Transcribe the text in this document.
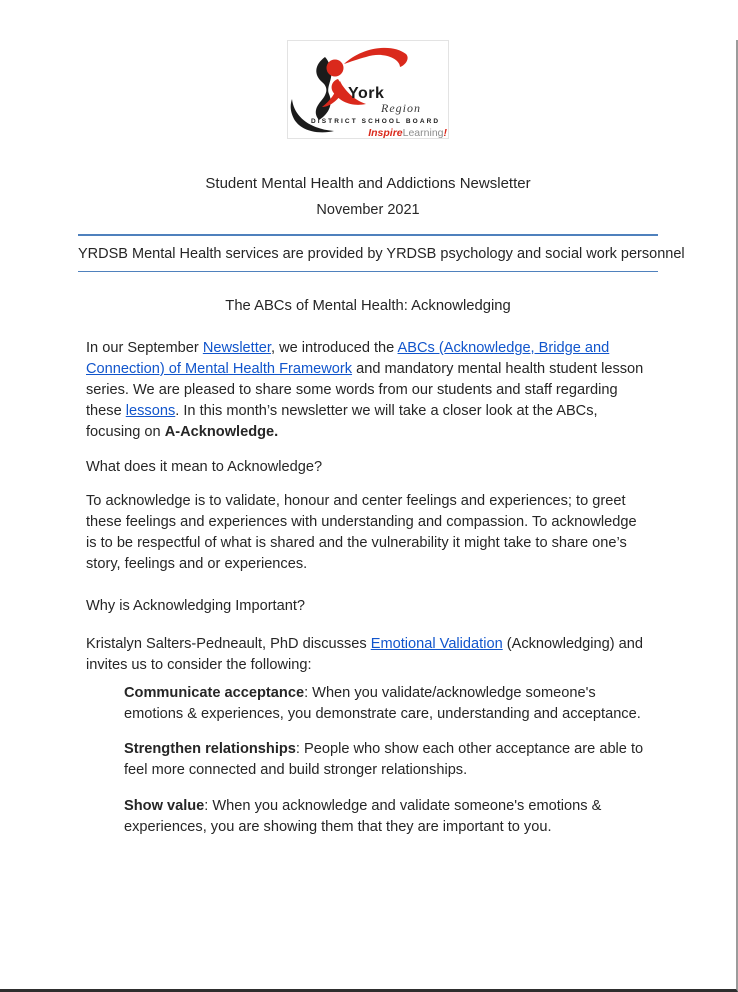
York
Region
DISTRICT SCHOOL BOARD
InspireLearning!
Student Mental Health and Addictions Newsletter
November 2021
YRDSB Mental Health services are provided by YRDSB psychology and social work personnel
The ABCs of Mental Health: Acknowledging

In our September Newsletter, we introduced the ABCs (Acknowledge, Bridge and Connection) of Mental Health Framework and mandatory mental health student lesson series. We are pleased to share some words from our students and staff regarding these lessons. In this month’s newsletter we will take a closer look at the ABCs, focusing on A-Acknowledge.

What does it mean to Acknowledge?

To acknowledge is to validate, honour and center feelings and experiences; to greet these feelings and experiences with understanding and compassion. To acknowledge is to be respectful of what is shared and the vulnerability it might take to share one’s story, feelings and or experiences.

Why is Acknowledging Important?

Kristalyn Salters-Pedneault, PhD discusses Emotional Validation (Acknowledging) and invites us to consider the following:

Communicate acceptance: When you validate/acknowledge someone's emotions & experiences, you demonstrate care, understanding and acceptance.

Strengthen relationships: People who show each other acceptance are able to feel more connected and build stronger relationships.

Show value: When you acknowledge and validate someone's emotions & experiences, you are showing them that they are important to you.
